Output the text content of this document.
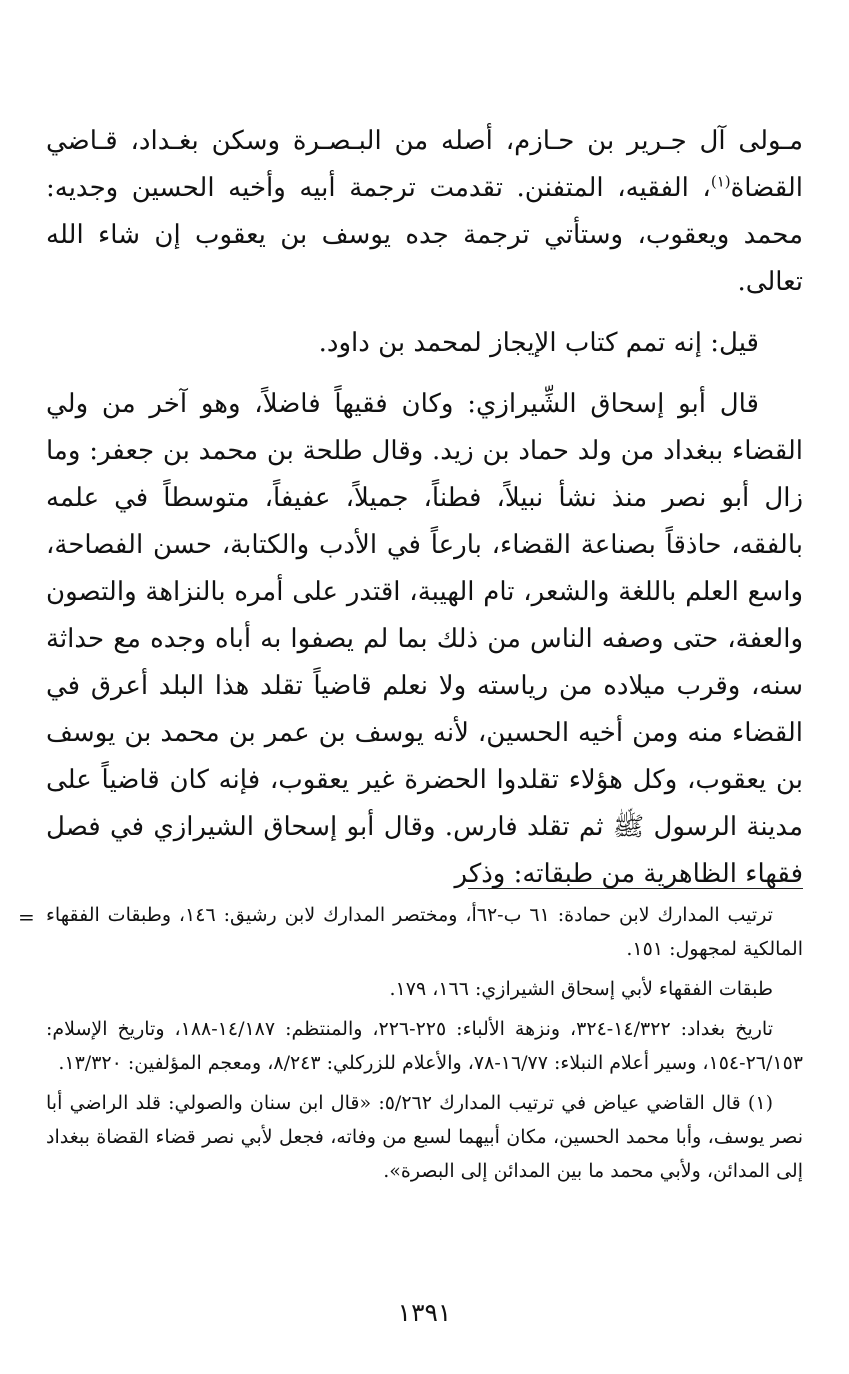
مـولى آل جـرير بن حـازم، أصله من البـصـرة وسكن بغـداد، قـاضي القضاة$^{(١)}$، الفقيه، المتفنن. تقدمت ترجمة أبيه وأخيه الحسين وجديه: محمد ويعقوب، وستأتي ترجمة جده يوسف بن يعقوب إن شاء الله تعالى.

قيل: إنه تمم كتاب الإيجاز لمحمد بن داود.

قال أبو إسحاق الشِّيرازي: وكان فقيهاً فاضلاً، وهو آخر من ولي القضاء ببغداد من ولد حماد بن زيد. وقال طلحة بن محمد بن جعفر: وما زال أبو نصر منذ نشأ نبيلاً، فطناً، جميلاً، عفيفاً، متوسطاً في علمه بالفقه، حاذقاً بصناعة القضاء، بارعاً في الأدب والكتابة، حسن الفصاحة، واسع العلم باللغة والشعر، تام الهيبة، اقتدر على أمره بالنزاهة والتصون والعفة، حتى وصفه الناس من ذلك بما لم يصفوا به أباه وجده مع حداثة سنه، وقرب ميلاده من رياسته ولا نعلم قاضياً تقلد هذا البلد أعرق في القضاء منه ومن أخيه الحسين، لأنه يوسف بن عمر بن محمد بن يوسف بن يعقوب، وكل هؤلاء تقلدوا الحضرة غير يعقوب، فإنه كان قاضياً على مدينة الرسول ﷺ ثم تقلد فارس. وقال أبو إسحاق الشيرازي في فصل فقهاء الظاهرية من طبقاته: وذكر

= ترتيب المدارك لابن حمادة: ٦١ ب-٦٢أ، ومختصر المدارك لابن رشيق: ١٤٦، وطبقات الفقهاء المالكية لمجهول: ١٥١.

طبقات الفقهاء لأبي إسحاق الشيرازي: ١٦٦، ١٧٩.

تاريخ بغداد: ١٤/٣٢٢-٣٢٤، ونزهة الألباء: ٢٢٥-٢٢٦، والمنتظم: ١٤/١٨٧-١٨٨، وتاريخ الإسلام: ٢٦/١٥٣-١٥٤، وسير أعلام النبلاء: ١٦/٧٧-٧٨، والأعلام للزركلي: ٨/٢٤٣، ومعجم المؤلفين: ١٣/٣٢٠.

(١) قال القاضي عياض في ترتيب المدارك ٥/٢٦٢: «قال ابن سنان والصولي: قلد الراضي أبا نصر يوسف، وأبا محمد الحسين، مكان أبيهما لسبع من وفاته، فجعل لأبي نصر قضاء القضاة ببغداد إلى المدائن، ولأبي محمد ما بين المدائن إلى البصرة».

١٣٩١
